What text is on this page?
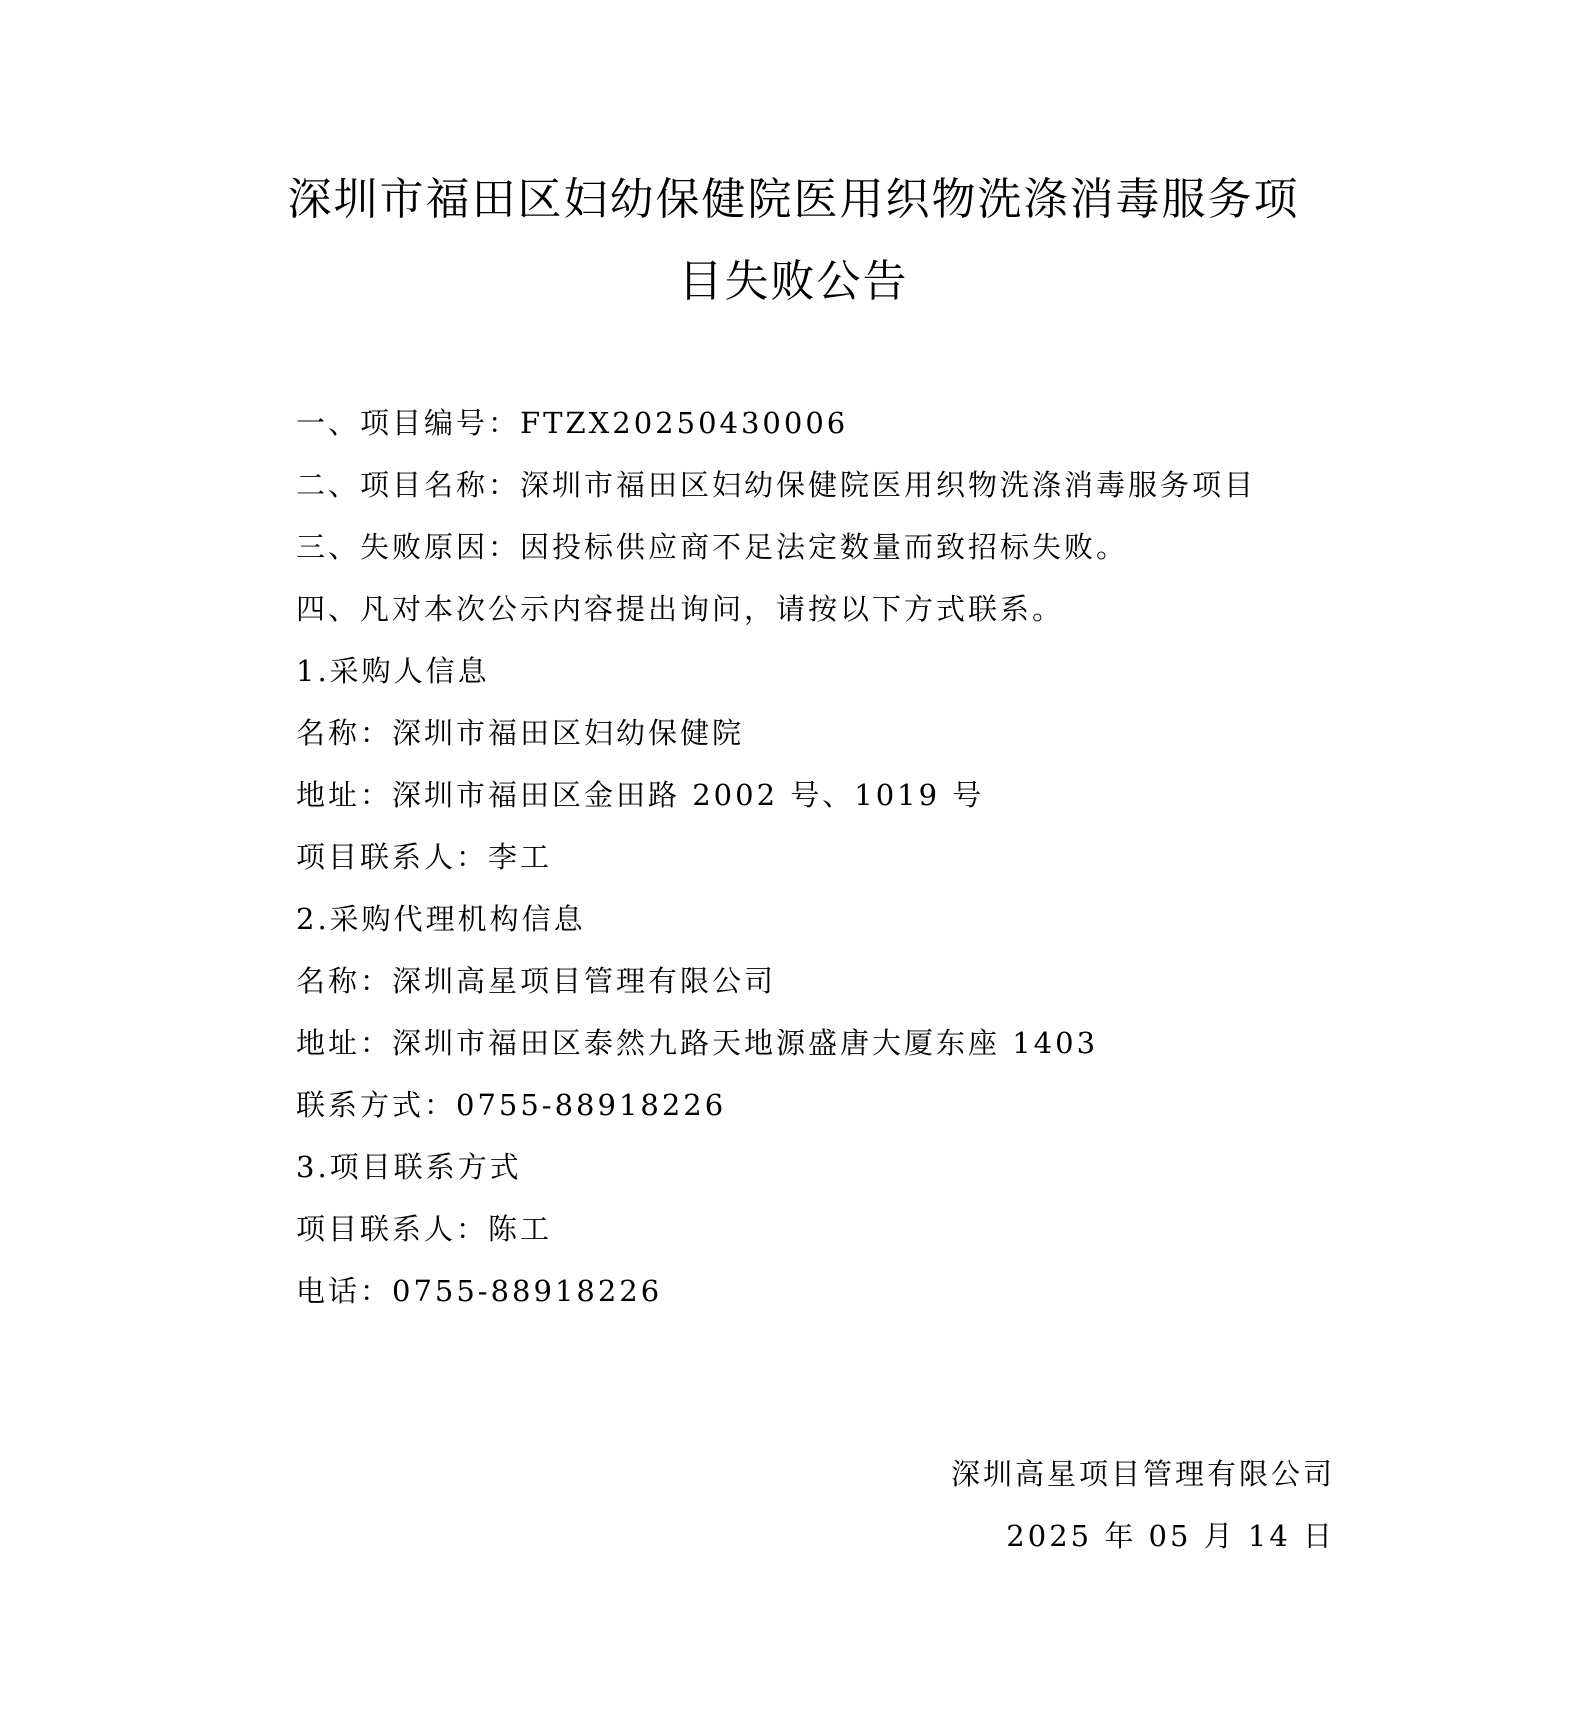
深圳市福田区妇幼保健院医用织物洗涤消毒服务项
目失败公告
一、项目编号：FTZX20250430006
二、项目名称：深圳市福田区妇幼保健院医用织物洗涤消毒服务项目
三、失败原因：因投标供应商不足法定数量而致招标失败。
四、凡对本次公示内容提出询问，请按以下方式联系。
1.采购人信息
名称：深圳市福田区妇幼保健院
地址：深圳市福田区金田路 2002 号、1019 号
项目联系人：李工
2.采购代理机构信息
名称：深圳高星项目管理有限公司
地址：深圳市福田区泰然九路天地源盛唐大厦东座 1403
联系方式：0755-88918226
3.项目联系方式
项目联系人：陈工
电话：0755-88918226
深圳高星项目管理有限公司
2025 年 05 月 14 日
